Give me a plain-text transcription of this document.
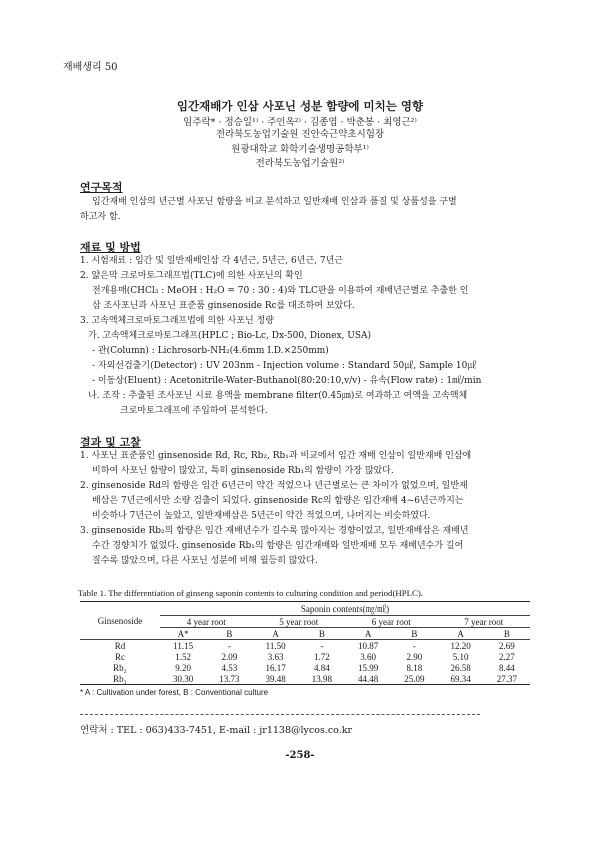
재배생리 50
임간재배가 인삼 사포닌 성분 함량에 미치는 영향
임주락* · 정승일¹⁾ · 주인옥²⁾ · 김종엽 · 박춘봉 · 최영근²⁾
전라북도농업기술원 진안숙근약초시험장
원광대학교 화학기술생명공학부¹⁾
전라북도농업기술원²⁾
연구목적
임간재배 인삼의 년근별 사포닌 함량을 비교 분석하고 일반재배 인삼과 품질 및 상품성을 구별
하고자 함.
재료 및 방법
1. 시험재료 : 임간 및 일반재배인삼 각 4년근, 5년근, 6년근, 7년근
2. 얇은막 크로마토그래프법(TLC)에 의한 사포닌의 확인
전개용매(CHCl₃ : MeOH : H₂O = 70 : 30 : 4)와 TLC판을 이용하여 재배년근별로 추출한 인
삼 조사포닌과 사포닌 표준품 ginsenoside Rc를 대조하여 보았다.
3. 고속액체크로마토그래프법에 의한 사포닌 정량
가. 고속액체크로마토그래프(HPLC ; Bio-Lc, Dx-500, Dionex, USA)
- 관(Column) : Lichrosorb-NH₂(4.6mm I.D.×250mm)
- 자외선검출기(Detector) : UV 203nm - Injection volume : Standard 50㎕, Sample 10㎕
- 이동상(Eluent) : Acetonitrile-Water-Buthanol(80:20:10,v/v) - 유속(Flow rate) : 1㎖/min
나. 조작 : 추출된 조사포닌 시료 용액을 membrane filter(0.45㎛)로 여과하고 여액을 고속액체
크로마토그래프에 주입하여 분석한다.
결과 및 고찰
1. 사포닌 표준품인 ginsenoside Rd, Rc, Rb₂, Rb₁과 비교에서 임간 재배 인삼이 일반재배 인삼에
비하여 사포닌 함량이 많았고, 특히 ginsenoside Rb₁의 함량이 가장 많았다.
2. ginsenoside Rd의 함량은 임간 6년근이 약간 적었으나 년근별로는 큰 차이가 없었으며, 일반재
배삼은 7년근에서만 소량 검출이 되었다. ginsenoside Rc의 함량은 임간재배 4~6년근까지는
비슷하나 7년근이 높았고, 일반재배삼은 5년근이 약간 적었으며, 나머지는 비슷하였다.
3. ginsenoside Rb₂의 함량은 임간 재배년수가 길수록 많아지는 경향이었고, 일반재배삼은 재배년
수간 경향치가 없었다. ginsenoside Rb₁의 함량은 임간재배와 일반재배 모두 재배년수가 길어
질수록 많았으며, 다른 사포닌 성분에 비해 월등히 많았다.
Table 1. The differentiation of ginseng saponin contents to culturing condition and period(HPLC).
Ginsenoside	Saponin contents(㎎/㎖)							
	4 year root		5 year root		6 year root		7 year root	
	A*	B	A	B	A	B	A	B
Rd	11.15	-	11.50	-	10.87	-	12.20	2.69
Rc	1.52	2.09	3.63	1.72	3.60	2.90	5.10	2.27
Rb₂	9.20	4.53	16.17	4.84	15.99	8.18	26.58	8.44
Rb₁	30.30	13.73	39.48	13.98	44.48	25.09	69.34	27.37
* A : Cultivation under forest, B : Conventional culture
연락처 : TEL : 063)433-7451, E-mail : jr1138@lycos.co.kr
-258-
